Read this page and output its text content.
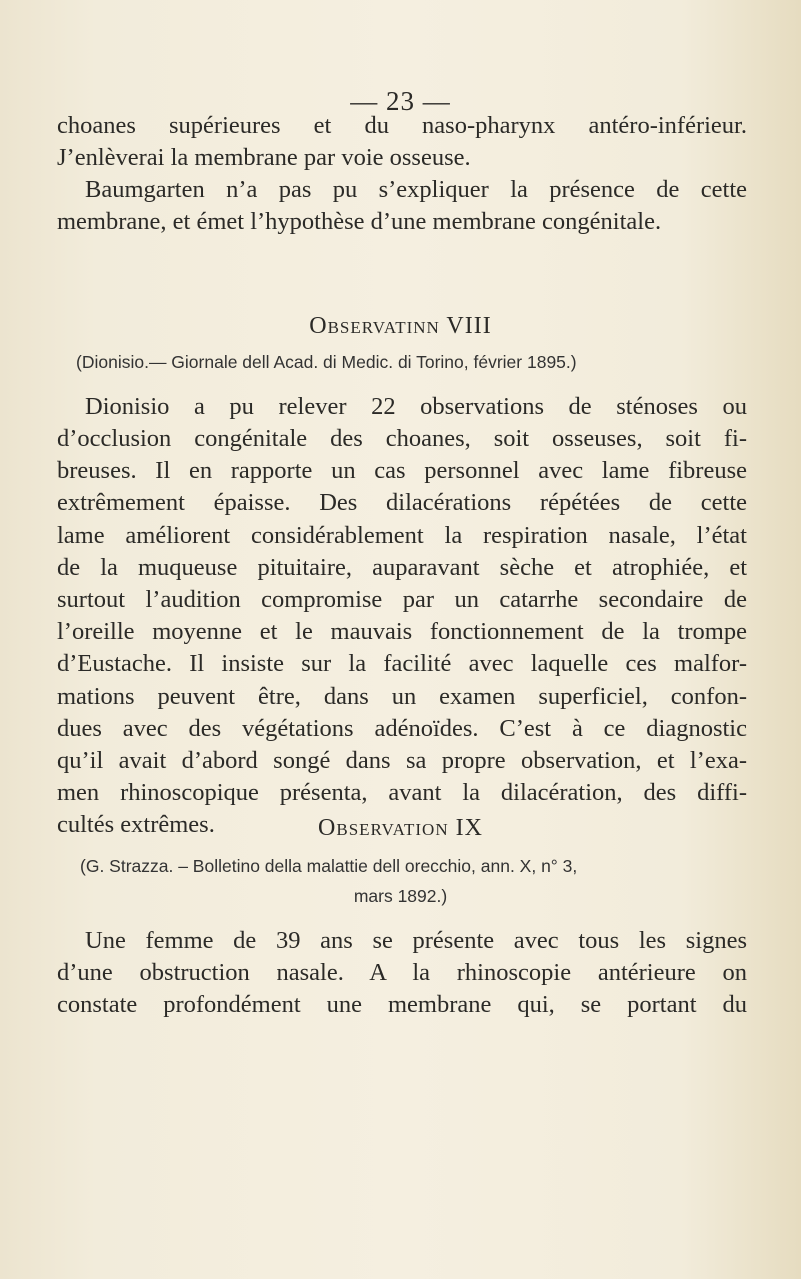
— 23 —
choanes supérieures et du naso-pharynx antéro-inférieur.
J’enlèverai la membrane par voie osseuse.
Baumgarten n’a pas pu s’expliquer la présence de cette
membrane, et émet l’hypothèse d’une membrane congénitale.
Observatinn VIII
(Dionisio.— Giornale dell Acad. di Medic. di Torino, février 1895.)
Dionisio a pu relever 22 observations de sténoses ou
d’occlusion congénitale des choanes, soit osseuses, soit fi-
breuses. Il en rapporte un cas personnel avec lame fibreuse
extrêmement épaisse. Des dilacérations répétées de cette
lame améliorent considérablement la respiration nasale, l’état
de la muqueuse pituitaire, auparavant sèche et atrophiée, et
surtout l’audition compromise par un catarrhe secondaire de
l’oreille moyenne et le mauvais fonctionnement de la trompe
d’Eustache. Il insiste sur la facilité avec laquelle ces malfor-
mations peuvent être, dans un examen superficiel, confon-
dues avec des végétations adénoïdes. C’est à ce diagnostic
qu’il avait d’abord songé dans sa propre observation, et l’exa-
men rhinoscopique présenta, avant la dilacération, des diffi-
cultés extrêmes.	Observation IX
(G. Strazza. – Bolletino della malattie dell orecchio, ann. X, n° 3,
mars 1892.)
Une femme de 39 ans se présente avec tous les signes
d’une obstruction nasale. A la rhinoscopie antérieure on
constate profondément une membrane qui, se portant du
